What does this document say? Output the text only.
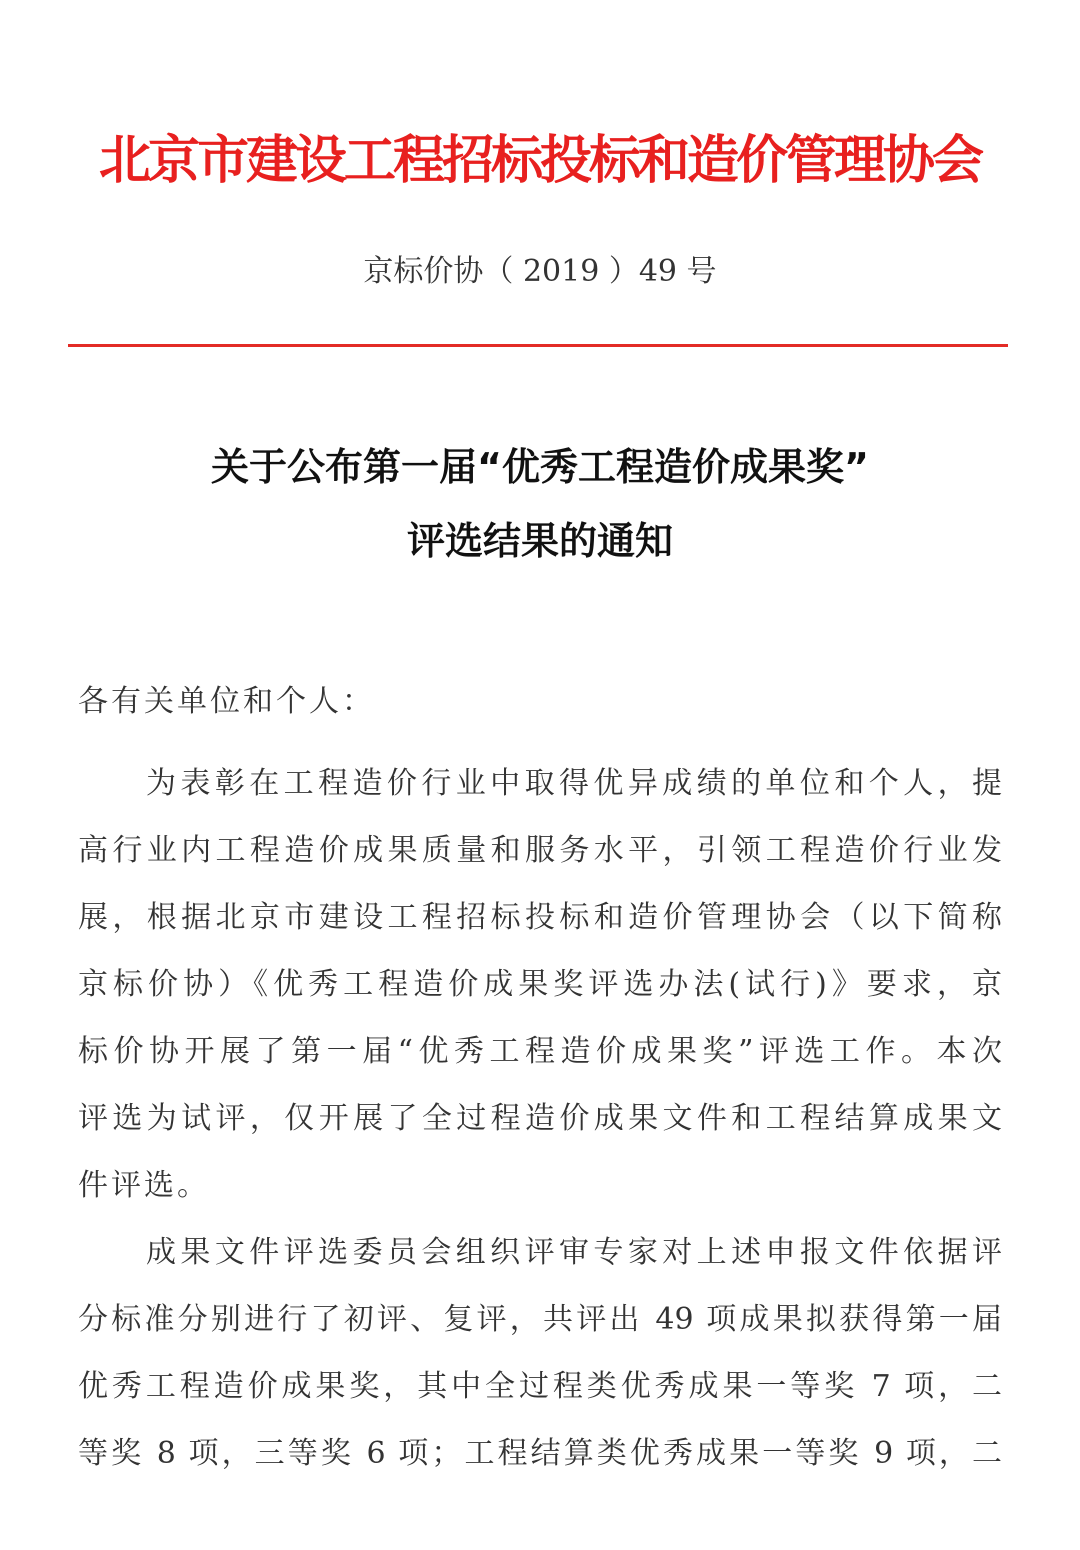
北京市建设工程招标投标和造价管理协会
京标价协（ 2019 ）49 号
关于公布第一届“优秀工程造价成果奖”
评选结果的通知
各有关单位和个人：
为表彰在工程造价行业中取得优异成绩的单位和个人，提
高行业内工程造价成果质量和服务水平，引领工程造价行业发
展，根据北京市建设工程招标投标和造价管理协会（以下简称
京标价协）《优秀工程造价成果奖评选办法(试行)》要求，京
标价协开展了第一届“优秀工程造价成果奖”评选工作。本次
评选为试评，仅开展了全过程造价成果文件和工程结算成果文
件评选。
成果文件评选委员会组织评审专家对上述申报文件依据评
分标准分别进行了初评、复评，共评出 49 项成果拟获得第一届
优秀工程造价成果奖，其中全过程类优秀成果一等奖 7 项，二
等奖 8 项，三等奖 6 项；工程结算类优秀成果一等奖 9 项，二
